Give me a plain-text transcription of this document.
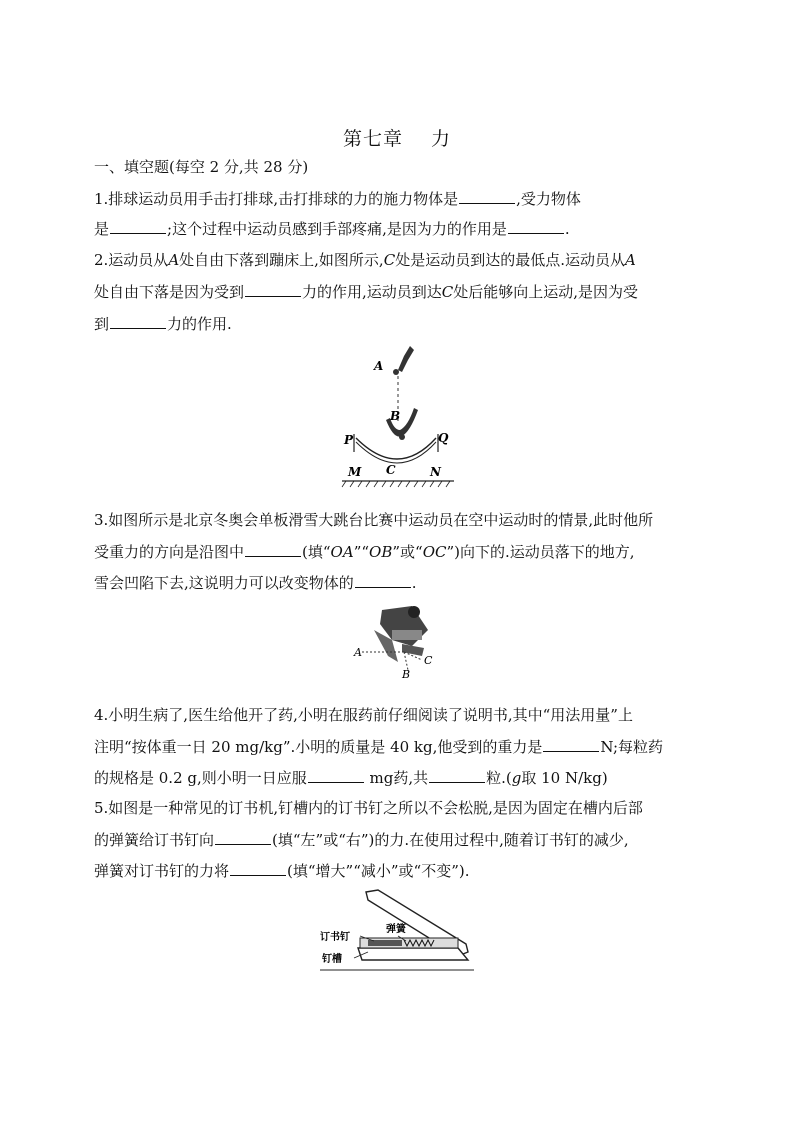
第七章 力
一、填空题(每空 2 分,共 28 分)
1.排球运动员用手击打排球,击打排球的力的施力物体是	,受力物体
是	;这个过程中运动员感到手部疼痛,是因为力的作用是	.
2.运动员从A处自由下落到蹦床上,如图所示,C处是运动员到达的最低点.运动员从A
处自由下落是因为受到	力的作用,运动员到达C处后能够向上运动,是因为受
到	力的作用.
A
B
P	Q
C
M	N
3.如图所示是北京冬奥会单板滑雪大跳台比赛中运动员在空中运动时的情景,此时他所
受重力的方向是沿图中	(填“OA”“OB”或“OC”)向下的.运动员落下的地方,
雪会凹陷下去,这说明力可以改变物体的	.
A
B
C
4.小明生病了,医生给他开了药,小明在服药前仔细阅读了说明书,其中“用法用量”上
注明“按体重一日 20 mg/kg”.小明的质量是 40 kg,他受到的重力是	N;每粒药
的规格是 0.2 g,则小明一日应服	mg药,共	粒.(g取 10 N/kg)
5.如图是一种常见的订书机,钉槽内的订书钉之所以不会松脱,是因为固定在槽内后部
的弹簧给订书钉向	(填“左”或“右”)的力.在使用过程中,随着订书钉的减少,
弹簧对订书钉的力将	(填“增大”“减小”或“不变”).
订书钉
弹簧
钉槽
